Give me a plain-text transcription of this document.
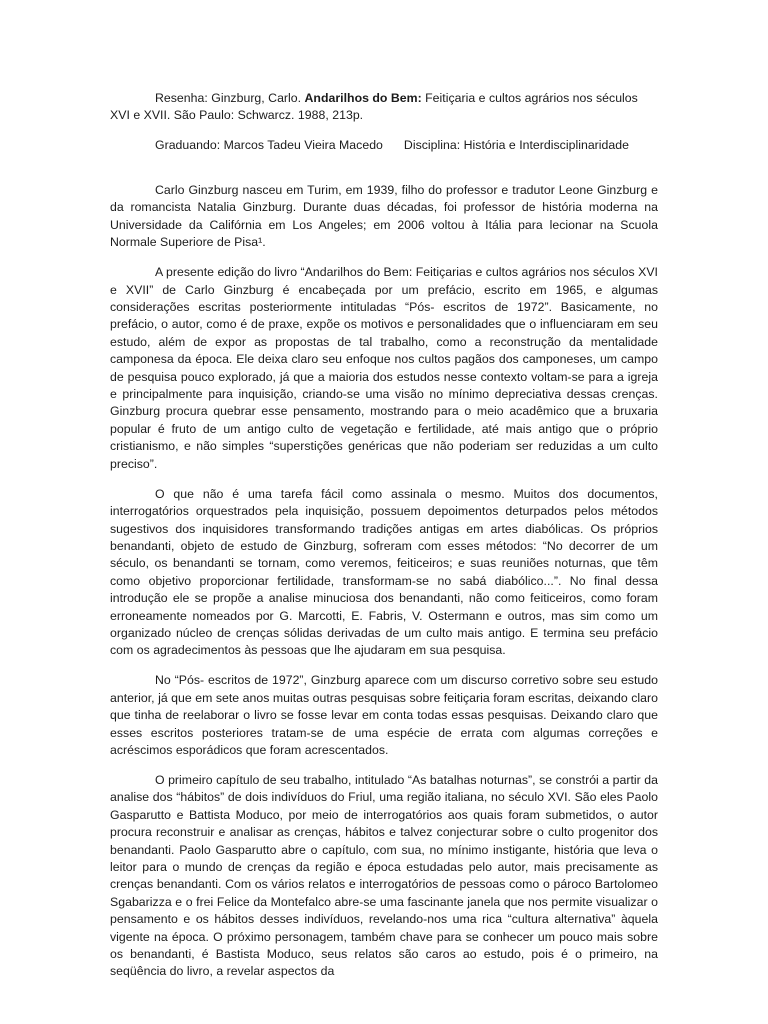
Resenha: Ginzburg, Carlo. Andarilhos do Bem: Feitiçaria e cultos agrários nos séculos XVI e XVII. São Paulo: Schwarcz. 1988, 213p.
Graduando: Marcos Tadeu Vieira Macedo Disciplina: História e Interdisciplinaridade

Carlo Ginzburg nasceu em Turim, em 1939, filho do professor e tradutor Leone Ginzburg e da romancista Natalia Ginzburg. Durante duas décadas, foi professor de história moderna na Universidade da Califórnia em Los Angeles; em 2006 voltou à Itália para lecionar na Scuola Normale Superiore de Pisa¹.

A presente edição do livro “Andarilhos do Bem: Feitiçarias e cultos agrários nos séculos XVI e XVII” de Carlo Ginzburg é encabeçada por um prefácio, escrito em 1965, e algumas considerações escritas posteriormente intituladas “Pós- escritos de 1972”. Basicamente, no prefácio, o autor, como é de praxe, expõe os motivos e personalidades que o influenciaram em seu estudo, além de expor as propostas de tal trabalho, como a reconstrução da mentalidade camponesa da época. Ele deixa claro seu enfoque nos cultos pagãos dos camponeses, um campo de pesquisa pouco explorado, já que a maioria dos estudos nesse contexto voltam-se para a igreja e principalmente para inquisição, criando-se uma visão no mínimo depreciativa dessas crenças. Ginzburg procura quebrar esse pensamento, mostrando para o meio acadêmico que a bruxaria popular é fruto de um antigo culto de vegetação e fertilidade, até mais antigo que o próprio cristianismo, e não simples “superstições genéricas que não poderiam ser reduzidas a um culto preciso”.

O que não é uma tarefa fácil como assinala o mesmo. Muitos dos documentos, interrogatórios orquestrados pela inquisição, possuem depoimentos deturpados pelos métodos sugestivos dos inquisidores transformando tradições antigas em artes diabólicas. Os próprios benandanti, objeto de estudo de Ginzburg, sofreram com esses métodos: “No decorrer de um século, os benandanti se tornam, como veremos, feiticeiros; e suas reuniões noturnas, que têm como objetivo proporcionar fertilidade, transformam-se no sabá diabólico...”. No final dessa introdução ele se propõe a analise minuciosa dos benandanti, não como feiticeiros, como foram erroneamente nomeados por G. Marcotti, E. Fabris, V. Ostermann e outros, mas sim como um organizado núcleo de crenças sólidas derivadas de um culto mais antigo. E termina seu prefácio com os agradecimentos às pessoas que lhe ajudaram em sua pesquisa.

No “Pós- escritos de 1972”, Ginzburg aparece com um discurso corretivo sobre seu estudo anterior, já que em sete anos muitas outras pesquisas sobre feitiçaria foram escritas, deixando claro que tinha de reelaborar o livro se fosse levar em conta todas essas pesquisas. Deixando claro que esses escritos posteriores tratam-se de uma espécie de errata com algumas correções e acréscimos esporádicos que foram acrescentados.

O primeiro capítulo de seu trabalho, intitulado “As batalhas noturnas”, se constrói a partir da analise dos “hábitos” de dois indivíduos do Friul, uma região italiana, no século XVI. São eles Paolo Gasparutto e Battista Moduco, por meio de interrogatórios aos quais foram submetidos, o autor procura reconstruir e analisar as crenças, hábitos e talvez conjecturar sobre o culto progenitor dos benandanti. Paolo Gasparutto abre o capítulo, com sua, no mínimo instigante, história que leva o leitor para o mundo de crenças da região e época estudadas pelo autor, mais precisamente as crenças benandanti. Com os vários relatos e interrogatórios de pessoas como o pároco Bartolomeo Sgabarizza e o frei Felice da Montefalco abre-se uma fascinante janela que nos permite visualizar o pensamento e os hábitos desses indivíduos, revelando-nos uma rica “cultura alternativa” àquela vigente na época. O próximo personagem, também chave para se conhecer um pouco mais sobre os benandanti, é Bastista Moduco, seus relatos são caros ao estudo, pois é o primeiro, na seqüência do livro, a revelar aspectos da
